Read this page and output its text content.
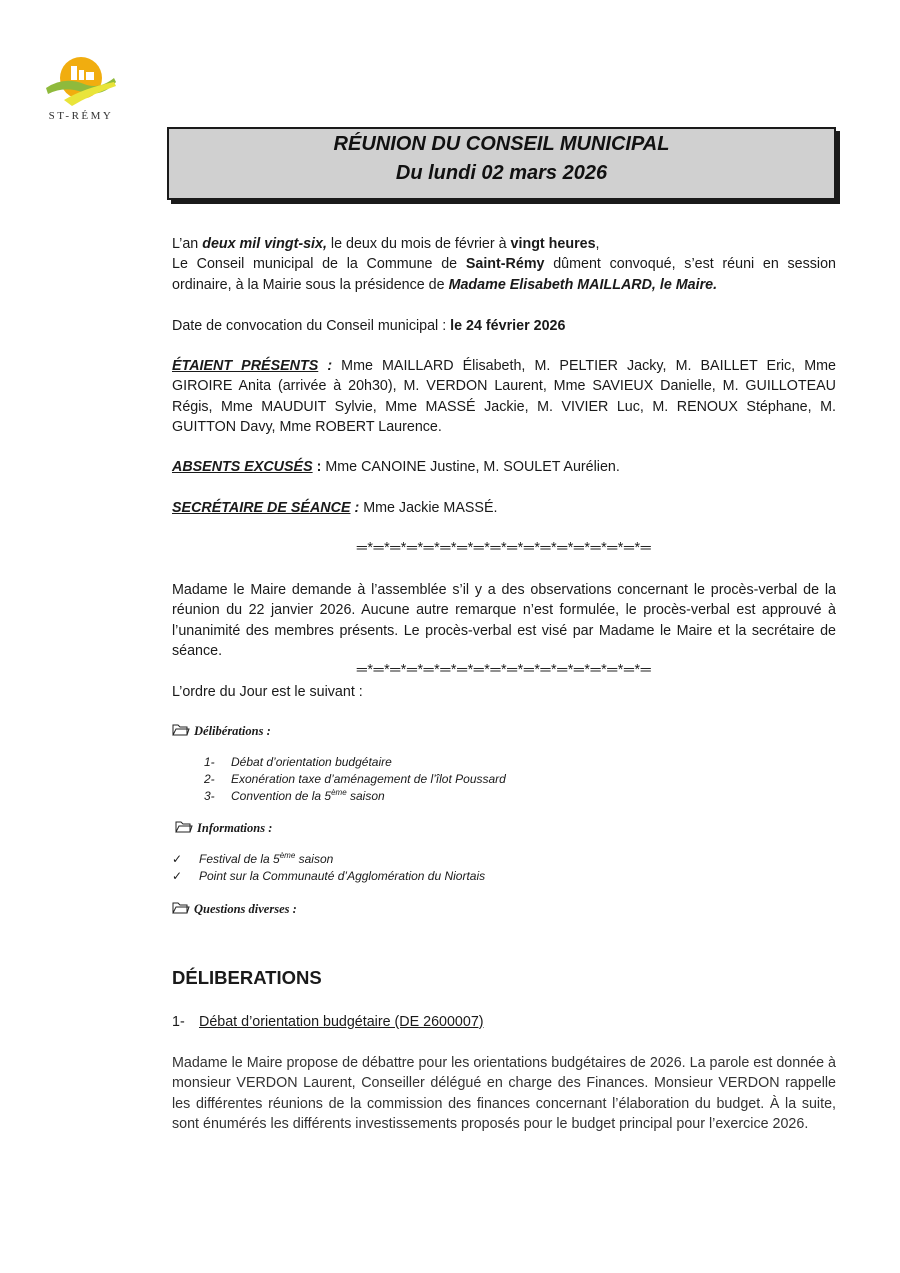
ST-RÉMY
RÉUNION DU CONSEIL MUNICIPAL
Du lundi 02 mars 2026
L’an deux mil vingt-six, le deux du mois de février à vingt heures,
Le Conseil municipal de la Commune de Saint-Rémy dûment convoqué, s’est réuni en session ordinaire, à la Mairie sous la présidence de Madame Elisabeth MAILLARD, le Maire.
Date de convocation du Conseil municipal : le 24 février 2026
ÉTAIENT PRÉSENTS : Mme MAILLARD Élisabeth, M. PELTIER Jacky, M. BAILLET Eric, Mme GIROIRE Anita (arrivée à 20h30), M. VERDON Laurent, Mme SAVIEUX Danielle, M. GUILLOTEAU Régis, Mme MAUDUIT Sylvie, Mme MASSÉ Jackie, M. VIVIER Luc, M. RENOUX Stéphane, M. GUITTON Davy, Mme ROBERT Laurence.
ABSENTS EXCUSÉS : Mme CANOINE Justine, M. SOULET Aurélien.
SECRÉTAIRE DE SÉANCE : Mme Jackie MASSÉ.
═*═*═*═*═*═*═*═*═*═*═*═*═*═*═*═*═*═
Madame le Maire demande à l’assemblée s’il y a des observations concernant le procès-verbal de la réunion du 22 janvier 2026. Aucune autre remarque n’est formulée, le procès-verbal est approuvé à l’unanimité des membres présents. Le procès-verbal est visé par Madame le Maire et la secrétaire de séance.
═*═*═*═*═*═*═*═*═*═*═*═*═*═*═*═*═*═
L’ordre du Jour est le suivant :
Délibérations :
1- Débat d’orientation budgétaire
2- Exonération taxe d’aménagement de l’îlot Poussard
3- Convention de la 5ème saison
Informations :
✓ Festival de la 5ème saison
✓ Point sur la Communauté d’Agglomération du Niortais
Questions diverses :
DÉLIBERATIONS
1- Débat d’orientation budgétaire (DE 2600007)
Madame le Maire propose de débattre pour les orientations budgétaires de 2026. La parole est donnée à monsieur VERDON Laurent, Conseiller délégué en charge des Finances. Monsieur VERDON rappelle les différentes réunions de la commission des finances concernant l’élaboration du budget. À la suite, sont énumérés les différents investissements proposés pour le budget principal pour l’exercice 2026.
